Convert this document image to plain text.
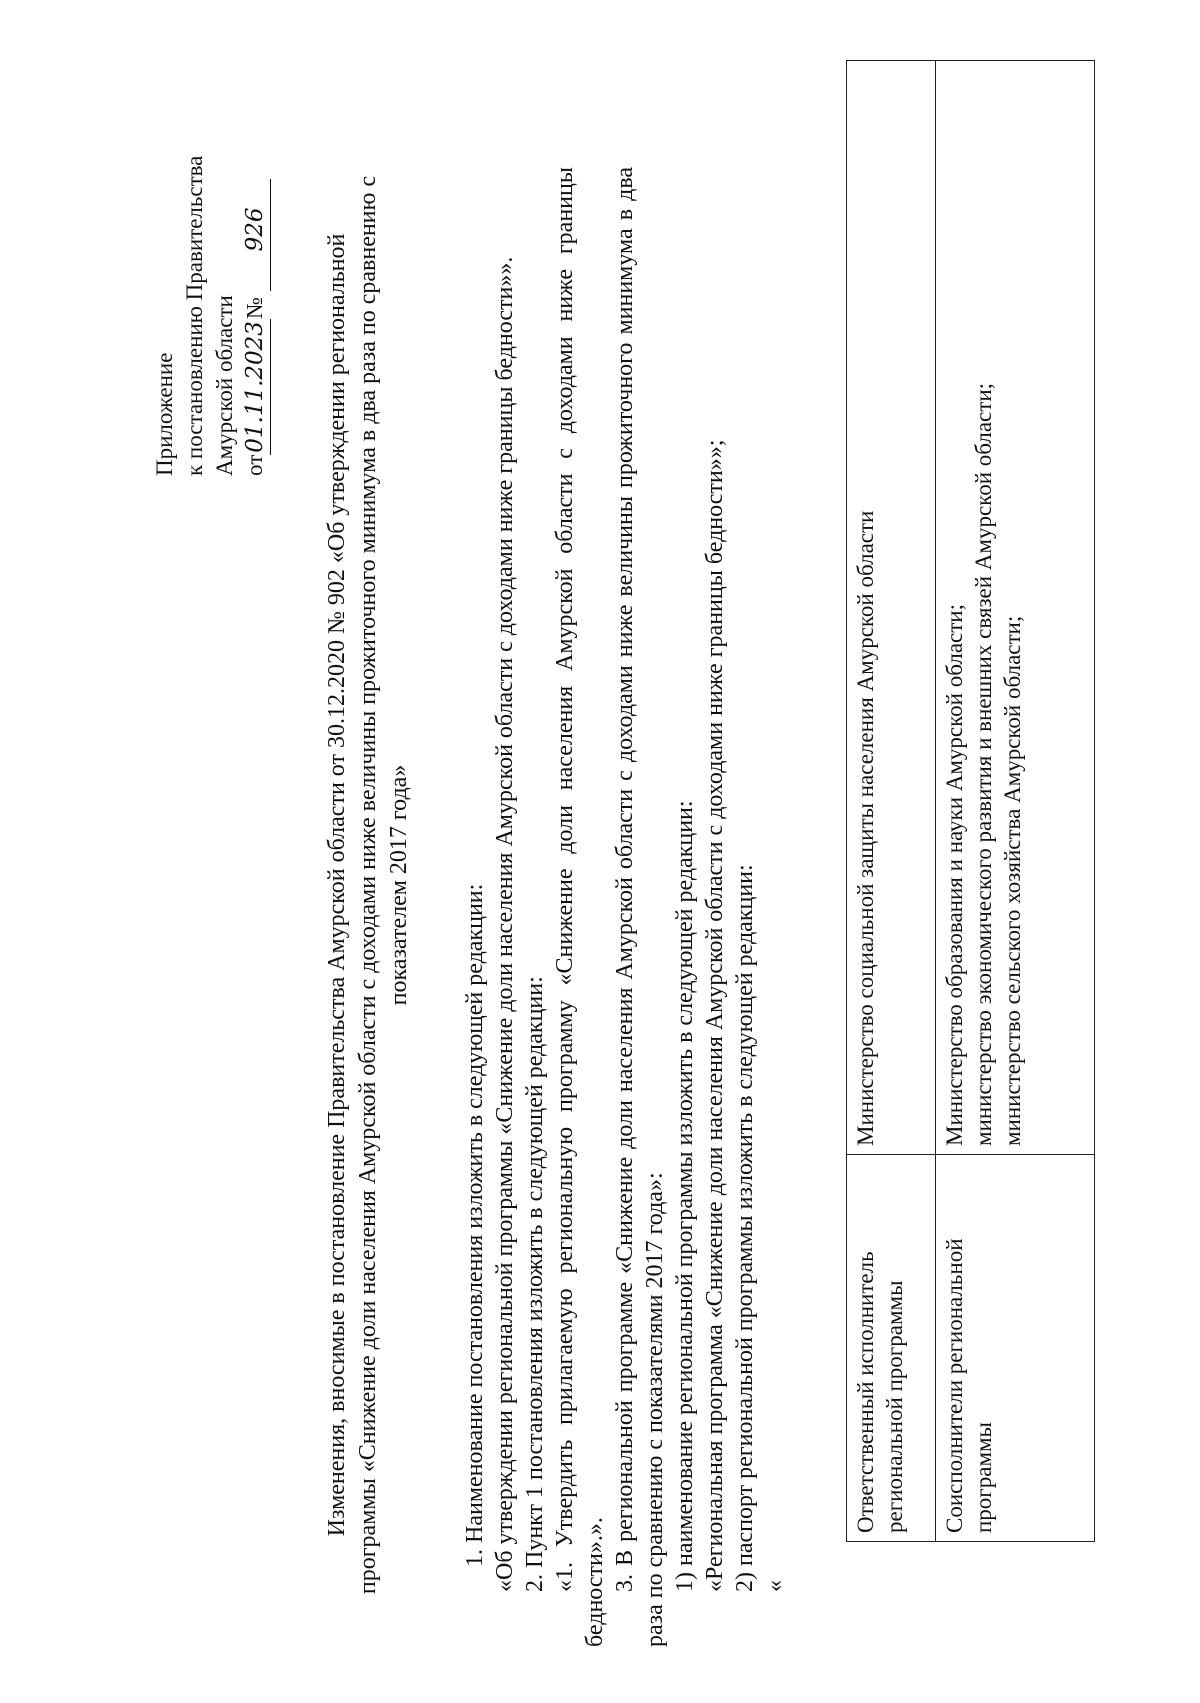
Приложение к постановлению Правительства Амурской области от01.11.2023№ 926
Изменения, вносимые в постановление Правительства Амурской области от 30.12.2020 № 902 «Об утверждении региональной программы «Снижение доли населения Амурской области с доходами ниже величины прожиточного минимума в два раза по сравнению с показателем 2017 года» 1. Наименование постановления изложить в следующей редакции: «Об утверждении региональной программы «Снижение доли населения Амурской области с доходами ниже границы бедности»». 2. Пункт 1 постановления изложить в следующей редакции: «1. Утвердить прилагаемую региональную программу «Снижение доли населения Амурской области с доходами ниже границы бедности».». 3. В региональной программе «Снижение доли населения Амурской области с доходами ниже величины прожиточного минимума в два раза по сравнению с показателями 2017 года»: 1) наименование региональной программы изложить в следующей редакции: «Региональная программа «Снижение доли населения Амурской области с доходами ниже границы бедности»»; 2) паспорт региональной программы изложить в следующей редакции: «

Ответственный исполнитель региональной программы	Министерство социальной защиты населения Амурской области

Соисполнители региональной программы	Министерство образования и науки Амурской области; министерство экономического развития и внешних связей Амурской области; министерство сельского хозяйства Амурской области;
